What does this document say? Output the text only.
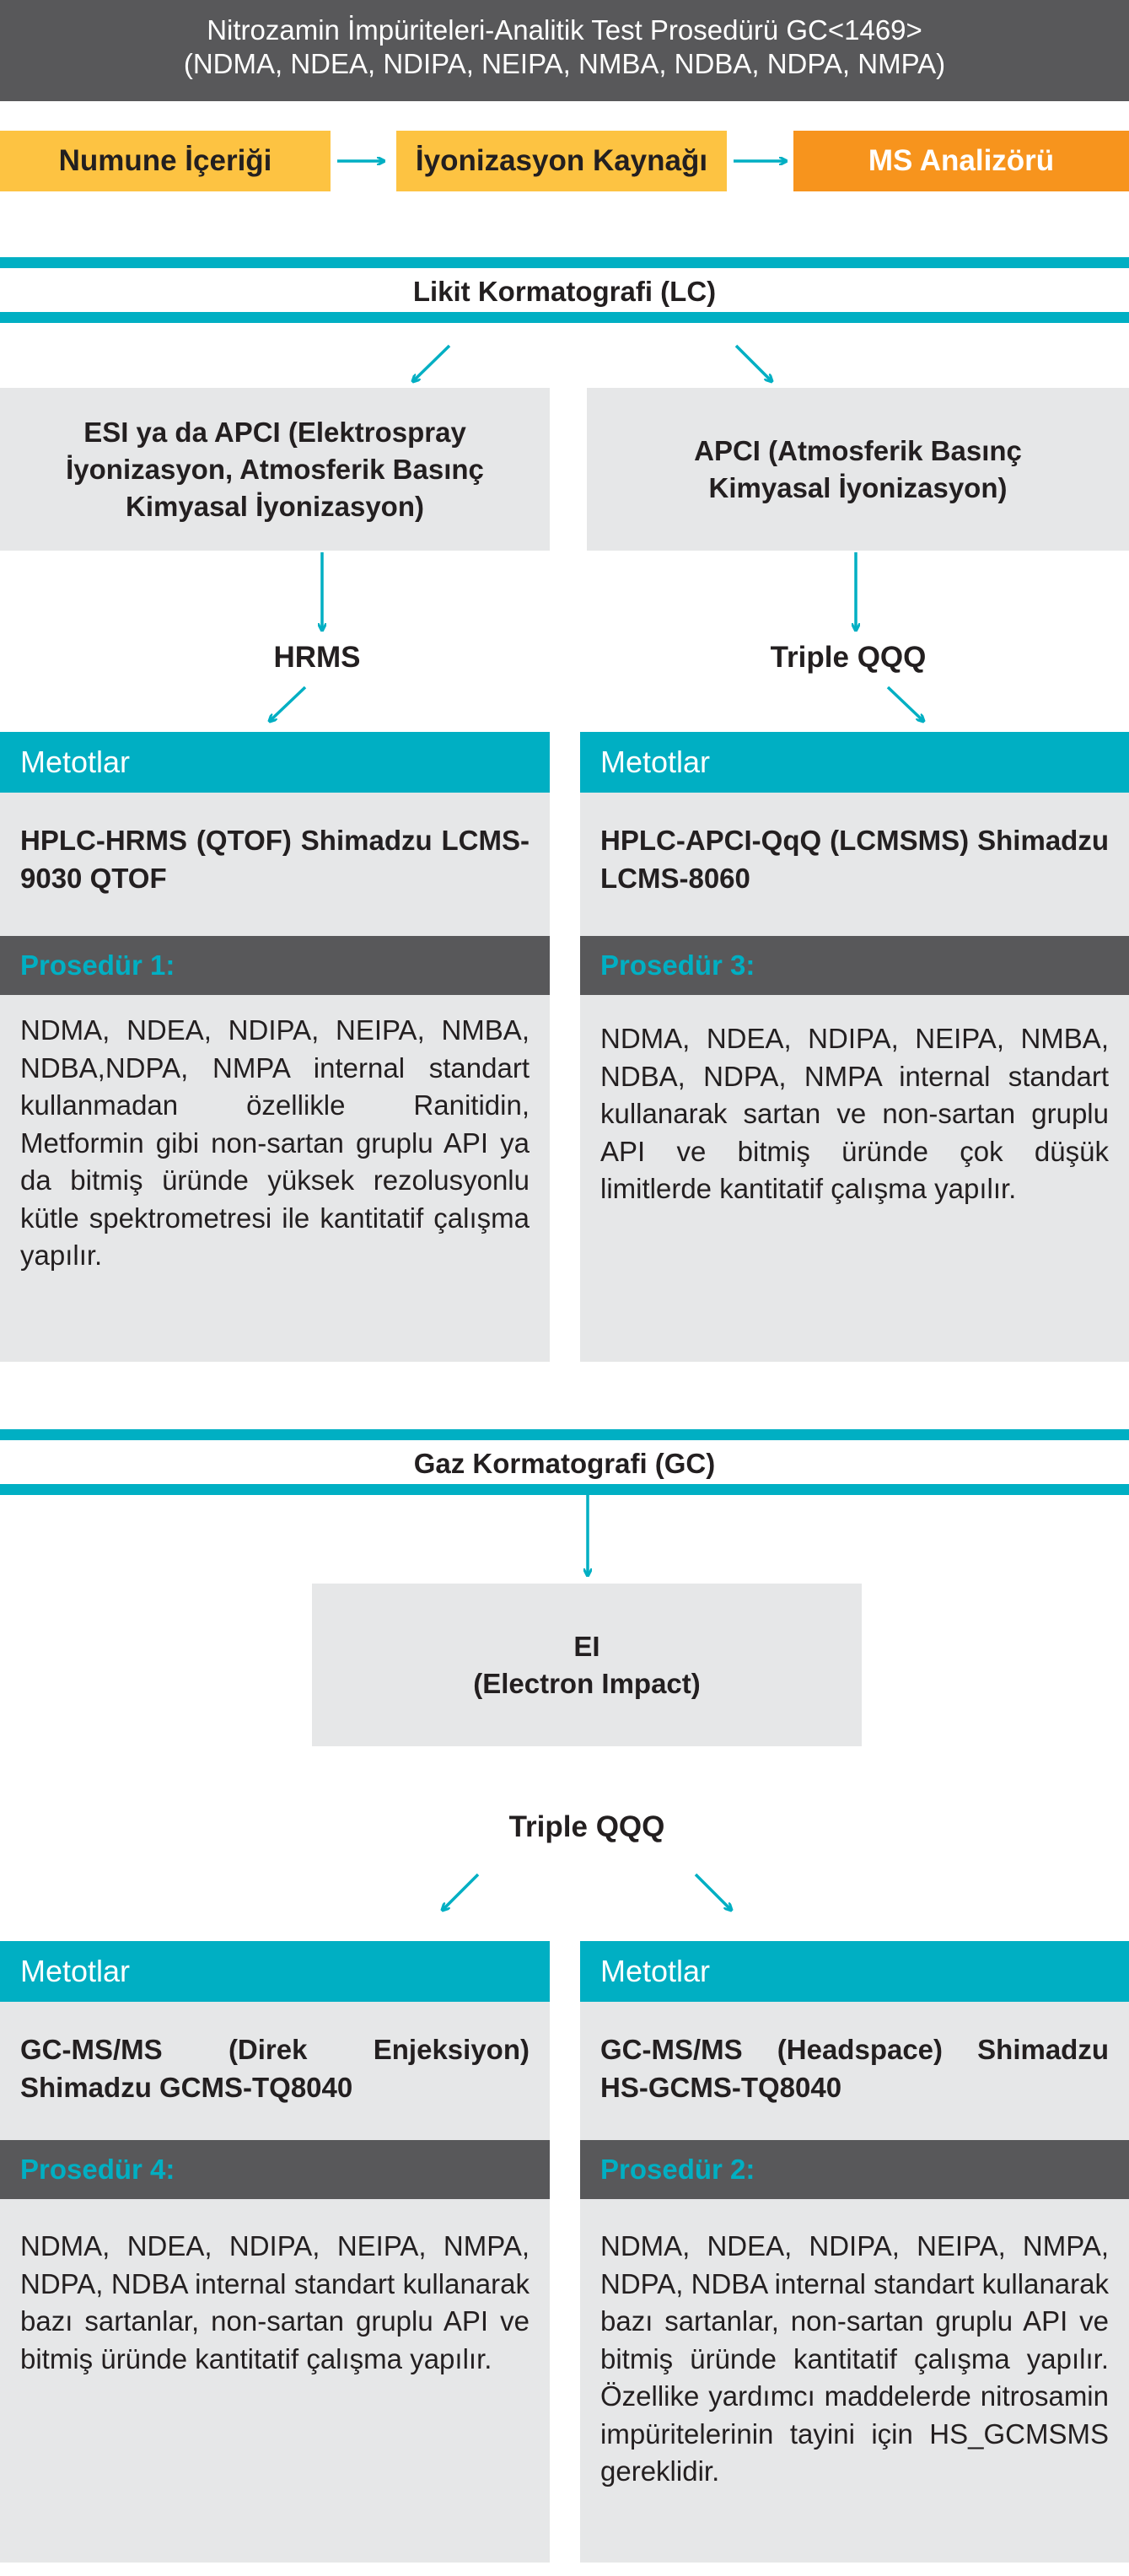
Nitrozamin İmpüriteleri-Analitik Test Prosedürü GC<1469>
(NDMA, NDEA, NDIPA, NEIPA, NMBA, NDBA, NDPA, NMPA)
Numune İçeriği	İyonizasyon Kaynağı	MS Analizörü
Likit Kormatografi (LC)
ESI ya da APCI (Elektrospray
İyonizasyon, Atmosferik Basınç
Kimyasal İyonizasyon)
APCI (Atmosferik Basınç
Kimyasal İyonizasyon)
HRMS	Triple QQQ
Metotlar
HPLC-HRMS (QTOF) Shimadzu LCMS-9030 QTOF
Prosedür 1:
NDMA, NDEA, NDIPA, NEIPA, NMBA, NDBA,NDPA, NMPA internal standart kullanmadan özellikle Ranitidin, Metformin gibi non-sartan gruplu API ya da bitmiş üründe yüksek rezolusyonlu kütle spektrometresi ile kantitatif çalışma yapılır.
Metotlar
HPLC-APCI-QqQ (LCMSMS) Shimadzu LCMS-8060
Prosedür 3:
NDMA, NDEA, NDIPA, NEIPA, NMBA, NDBA, NDPA, NMPA internal standart kullanarak sartan ve non-sartan gruplu API ve bitmiş üründe çok düşük limitlerde kantitatif çalışma yapılır.
Gaz Kormatografi (GC)
EI
(Electron Impact)
Triple QQQ
Metotlar
GC-MS/MS (Direk Enjeksiyon) Shimadzu GCMS-TQ8040
Prosedür 4:
NDMA, NDEA, NDIPA, NEIPA, NMPA, NDPA, NDBA internal standart kullanarak bazı sartanlar, non-sartan gruplu API ve bitmiş üründe kantitatif çalışma yapılır.
Metotlar
GC-MS/MS (Headspace) Shimadzu HS-GCMS-TQ8040
Prosedür 2:
NDMA, NDEA, NDIPA, NEIPA, NMPA, NDPA, NDBA internal standart kullanarak bazı sartanlar, non-sartan gruplu API ve bitmiş üründe kantitatif çalışma yapılır. Özellike yardımcı maddelerde nitrosamin impüritelerinin tayini için HS_GCMSMS gereklidir.
